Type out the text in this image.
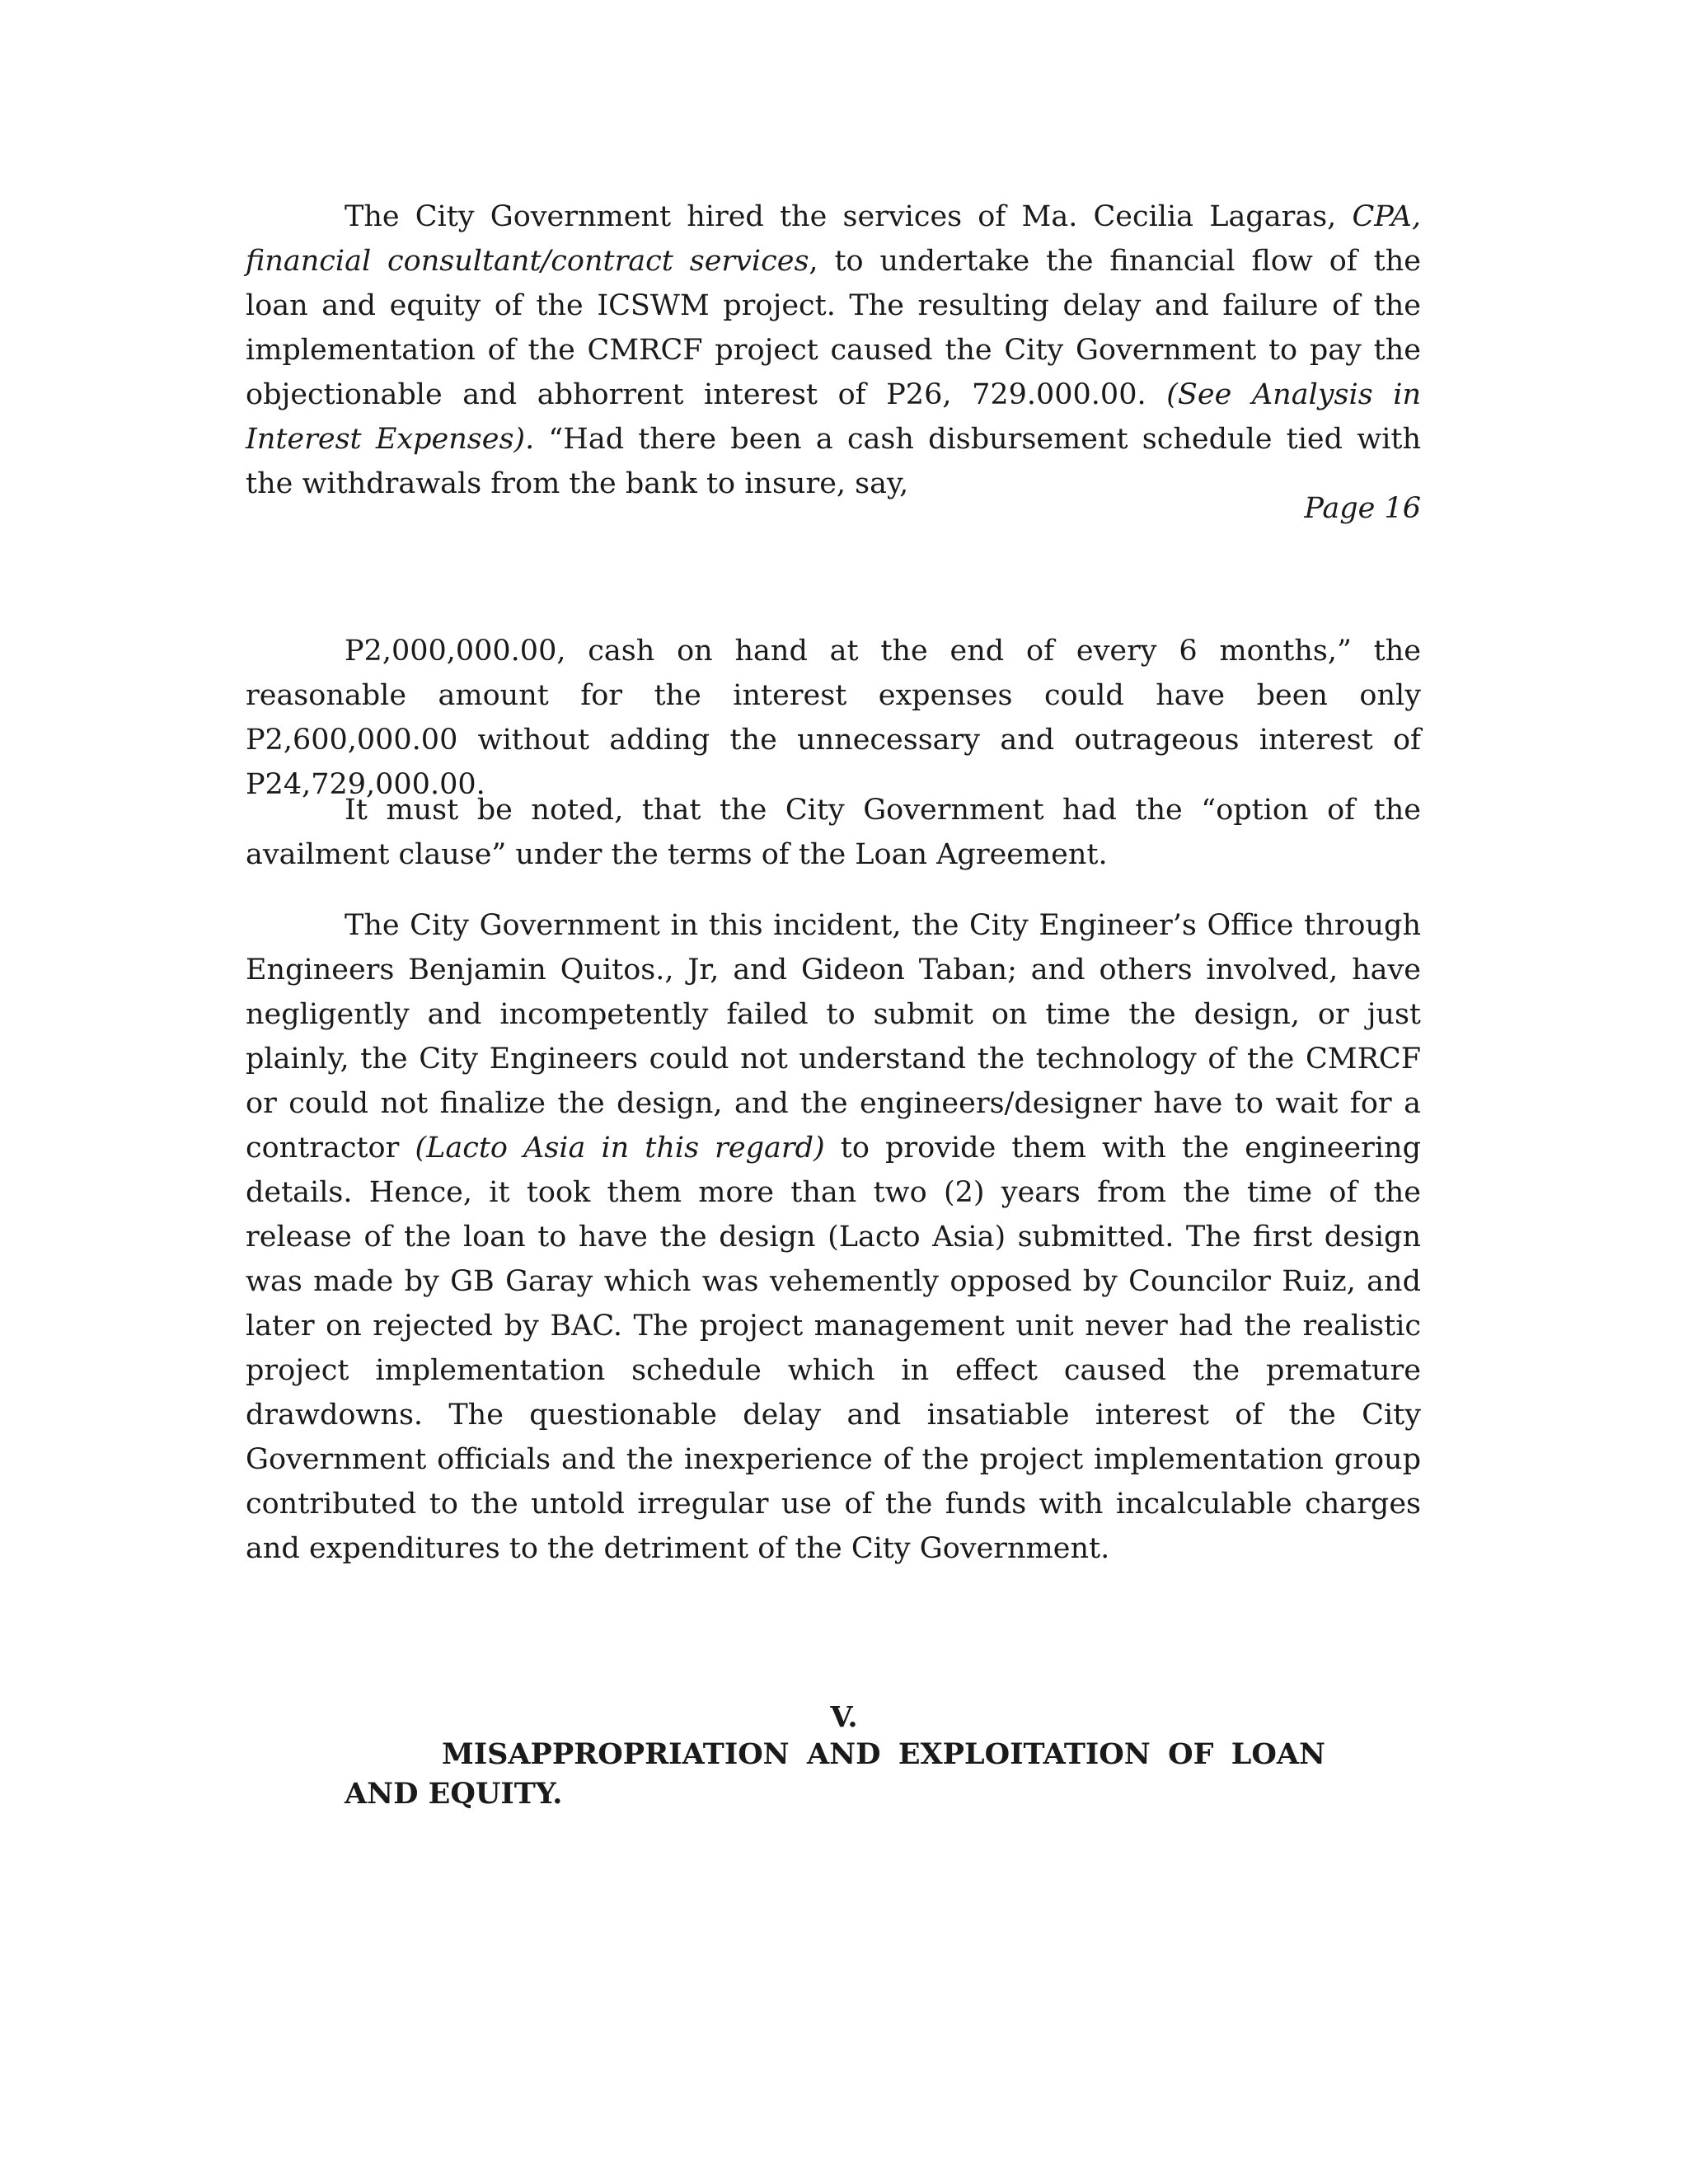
The City Government hired the services of Ma. Cecilia Lagaras, CPA, financial consultant/contract services, to undertake the financial flow of the loan and equity of the ICSWM project. The resulting delay and failure of the implementation of the CMRCF project caused the City Government to pay the objectionable and abhorrent interest of P26, 729.000.00. (See Analysis in Interest Expenses). “Had there been a cash disbursement schedule tied with the withdrawals from the bank to insure, say,

Page 16

P2,000,000.00, cash on hand at the end of every 6 months,” the reasonable amount for the interest expenses could have been only P2,600,000.00 without adding the unnecessary and outrageous interest of P24,729,000.00.

It must be noted, that the City Government had the “option of the availment clause” under the terms of the Loan Agreement.

The City Government in this incident, the City Engineer’s Office through Engineers Benjamin Quitos., Jr, and Gideon Taban; and others involved, have negligently and incompetently failed to submit on time the design, or just plainly, the City Engineers could not understand the technology of the CMRCF or could not finalize the design, and the engineers/designer have to wait for a contractor (Lacto Asia in this regard) to provide them with the engineering details. Hence, it took them more than two (2) years from the time of the release of the loan to have the design (Lacto Asia) submitted. The first design was made by GB Garay which was vehemently opposed by Councilor Ruiz, and later on rejected by BAC. The project management unit never had the realistic project implementation schedule which in effect caused the premature drawdowns. The questionable delay and insatiable interest of the City Government officials and the inexperience of the project implementation group contributed to the untold irregular use of the funds with incalculable charges and expenditures to the detriment of the City Government.

V.
MISAPPROPRIATION AND EXPLOITATION OF LOAN AND EQUITY.
